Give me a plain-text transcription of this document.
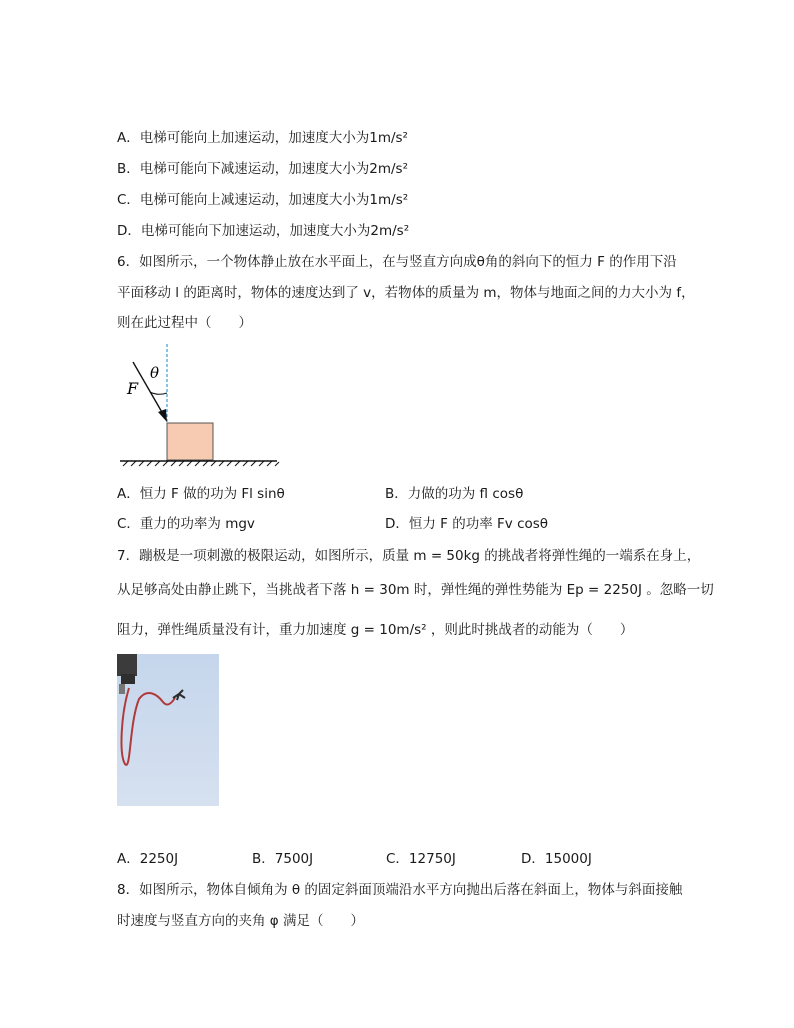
A．电梯可能向上加速运动，加速度大小为1m/s²
B．电梯可能向下减速运动，加速度大小为2m/s²
C．电梯可能向上减速运动，加速度大小为1m/s²
D．电梯可能向下加速运动，加速度大小为2m/s²
6．如图所示，一个物体静止放在水平面上，在与竖直方向成θ角的斜向下的恒力 F 的作用下沿
平面移动 l 的距离时，物体的速度达到了 v，若物体的质量为 m，物体与地面之间的力大小为 f，
则在此过程中（　　）
θ
F
A．恒力 F 做的功为 Fl sinθ	B．力做的功为 fl cosθ
C．重力的功率为 mgv	D．恒力 F 的功率 Fv cosθ
7．蹦极是一项刺激的极限运动，如图所示，质量 m = 50kg 的挑战者将弹性绳的一端系在身上，
从足够高处由静止跳下，当挑战者下落 h = 30m 时，弹性绳的弹性势能为 Ep = 2250J 。忽略一切
阻力，弹性绳质量没有计，重力加速度 g = 10m/s² ，则此时挑战者的动能为（　　）
A．2250J	B．7500J	C．12750J	D．15000J
8．如图所示，物体自倾角为 θ 的固定斜面顶端沿水平方向抛出后落在斜面上，物体与斜面接触
时速度与竖直方向的夹角 φ 满足（　　）
